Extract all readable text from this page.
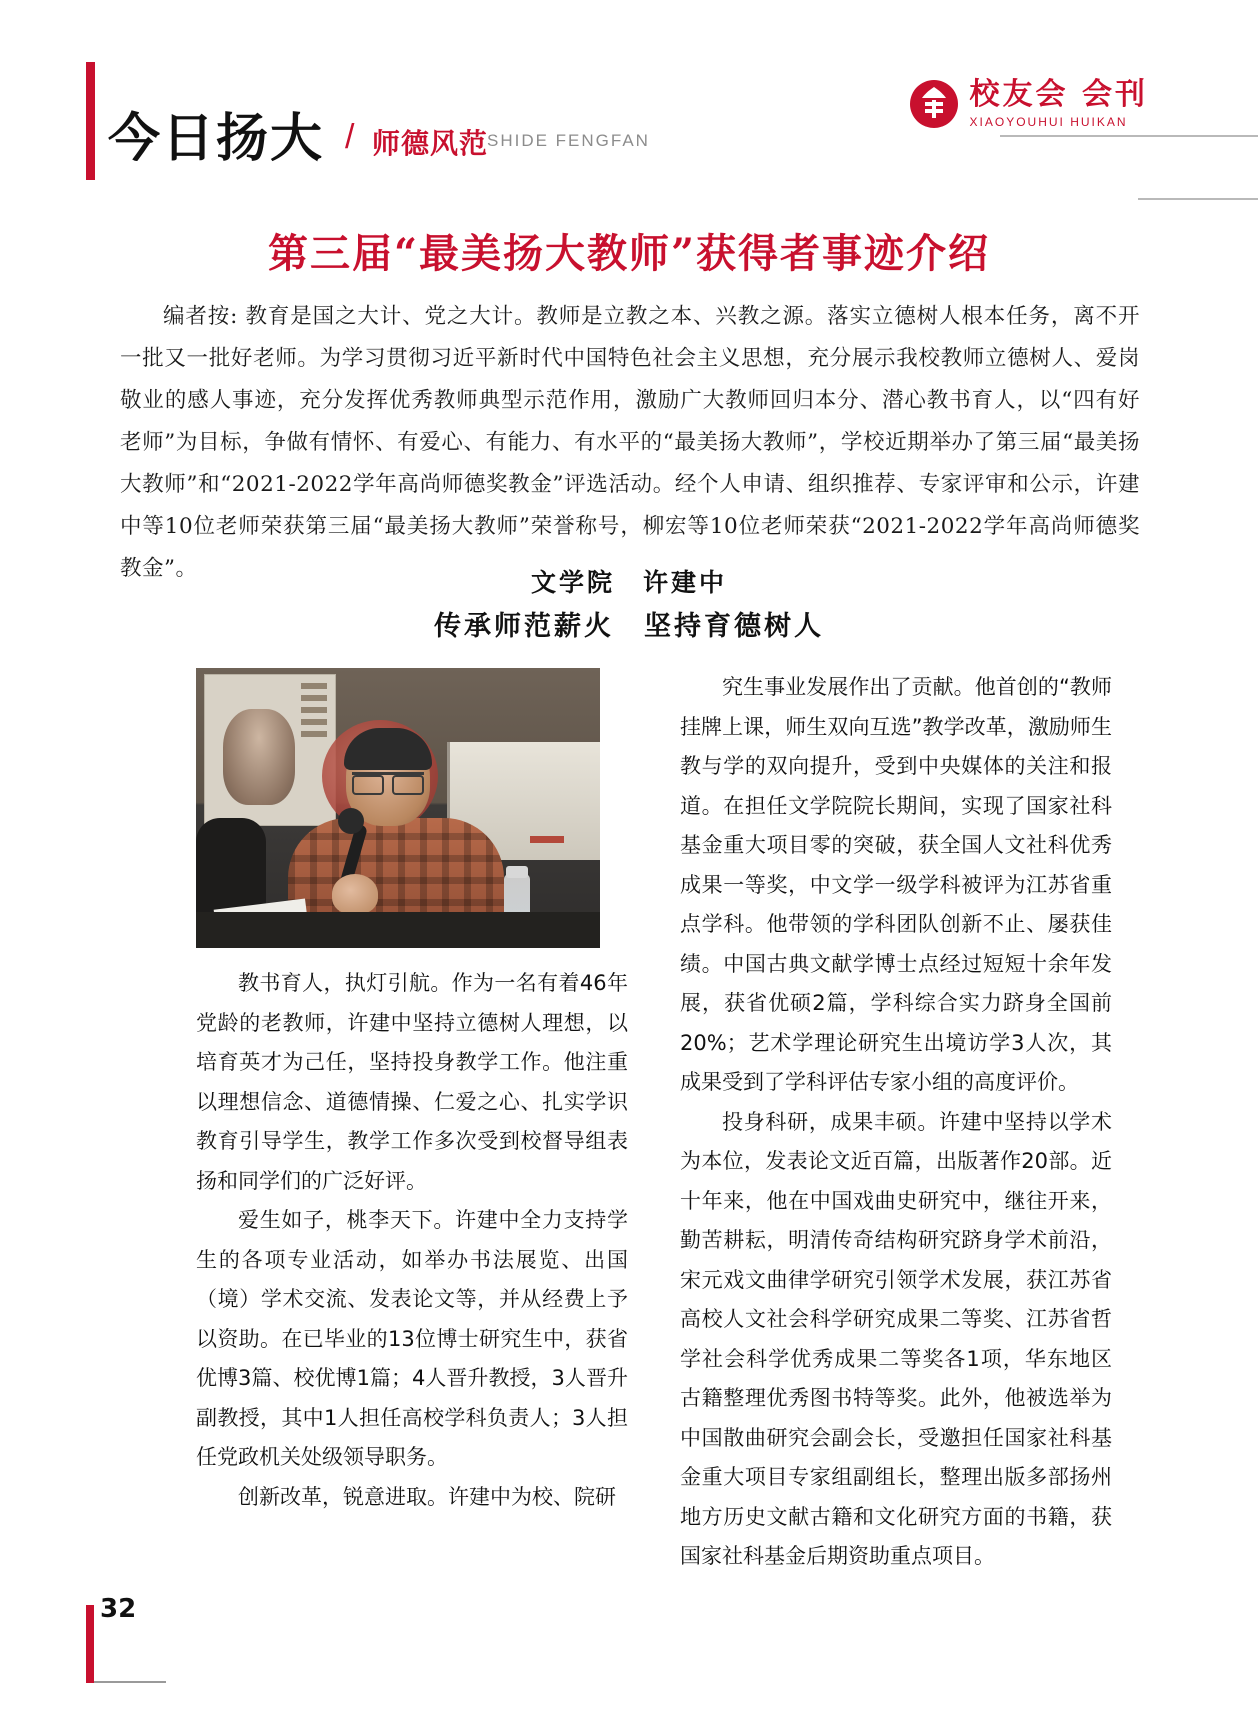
今日扬大 / 师德风范
SHIDE FENGFAN
校友会 会刊
XIAOYOUHUI HUIKAN
第三届“最美扬大教师”获得者事迹介绍
编者按: 教育是国之大计、党之大计。教师是立教之本、兴教之源。落实立德树人根本任务，离不开一批又一批好老师。为学习贯彻习近平新时代中国特色社会主义思想，充分展示我校教师立德树人、爱岗敬业的感人事迹，充分发挥优秀教师典型示范作用，激励广大教师回归本分、潜心教书育人，以“四有好老师”为目标，争做有情怀、有爱心、有能力、有水平的“最美扬大教师”，学校近期举办了第三届“最美扬大教师”和“2021-2022学年高尚师德奖教金”评选活动。经个人申请、组织推荐、专家评审和公示，许建中等10位老师荣获第三届“最美扬大教师”荣誉称号，柳宏等10位老师荣获“2021-2022学年高尚师德奖教金”。	文学院　许建中
传承师范薪火　坚持育德树人

教书育人，执灯引航。作为一名有着46年党龄的老教师，许建中坚持立德树人理想，以培育英才为己任，坚持投身教学工作。他注重以理想信念、道德情操、仁爱之心、扎实学识教育引导学生，教学工作多次受到校督导组表扬和同学们的广泛好评。

爱生如子，桃李天下。许建中全力支持学生的各项专业活动，如举办书法展览、出国（境）学术交流、发表论文等，并从经费上予以资助。在已毕业的13位博士研究生中，获省优博3篇、校优博1篇；4人晋升教授，3人晋升副教授，其中1人担任高校学科负责人；3人担任党政机关处级领导职务。

创新改革，锐意进取。许建中为校、院研

究生事业发展作出了贡献。他首创的“教师挂牌上课，师生双向互选”教学改革，激励师生教与学的双向提升，受到中央媒体的关注和报道。在担任文学院院长期间，实现了国家社科基金重大项目零的突破，获全国人文社科优秀成果一等奖，中文学一级学科被评为江苏省重点学科。他带领的学科团队创新不止、屡获佳绩。中国古典文献学博士点经过短短十余年发展，获省优硕2篇，学科综合实力跻身全国前20%；艺术学理论研究生出境访学3人次，其成果受到了学科评估专家小组的高度评价。

投身科研，成果丰硕。许建中坚持以学术为本位，发表论文近百篇，出版著作20部。近十年来，他在中国戏曲史研究中，继往开来，勤苦耕耘，明清传奇结构研究跻身学术前沿，宋元戏文曲律学研究引领学术发展，获江苏省高校人文社会科学研究成果二等奖、江苏省哲学社会科学优秀成果二等奖各1项，华东地区古籍整理优秀图书特等奖。此外，他被选举为中国散曲研究会副会长，受邀担任国家社科基金重大项目专家组副组长，整理出版多部扬州地方历史文献古籍和文化研究方面的书籍，获国家社科基金后期资助重点项目。

32
